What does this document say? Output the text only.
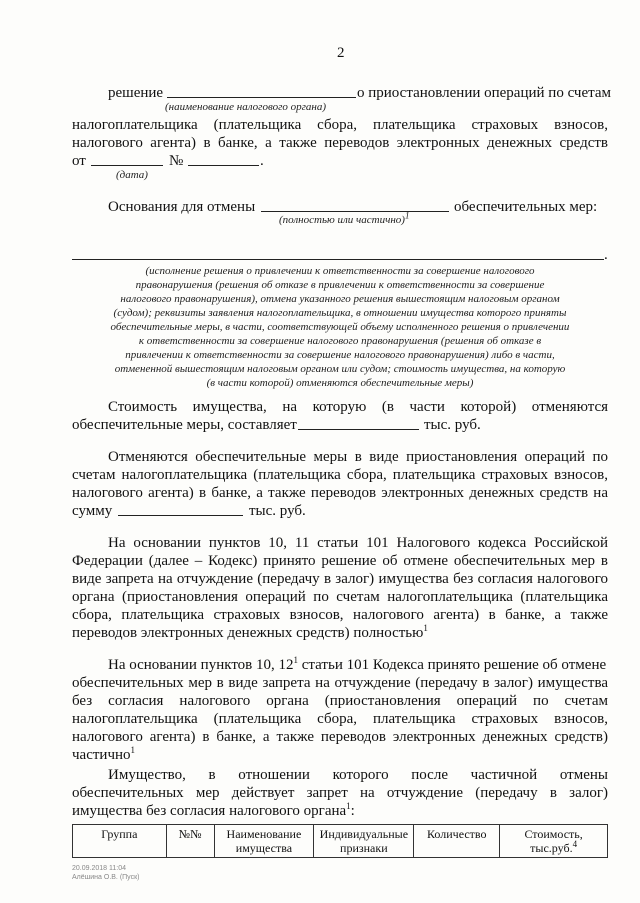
2
решение	о приостановлении операций по счетам
(наименование налогового органа)
налогоплательщика (плательщика сбора, плательщика страховых взносов,
налогового агента) в банке, а также переводов электронных денежных средств
от	№	.
(дата)
Основания для отмены	обеспечительных мер:
(полностью или частично)$^1$
.
(исполнение решения о привлечении к ответственности за совершение налогового
правонарушения (решения об отказе в привлечении к ответственности за совершение
налогового правонарушения), отмена указанного решения вышестоящим налоговым органом
(судом); реквизиты заявления налогоплательщика, в отношении имущества которого приняты
обеспечительные меры, в части, соответствующей объему исполненного решения о привлечении
к ответственности за совершение налогового правонарушения (решения об отказе в
привлечении к ответственности за совершение налогового правонарушения) либо в части,
отмененной вышестоящим налоговым органом или судом; стоимость имущества, на которую
(в части которой) отменяются обеспечительные меры)
Стоимость имущества, на которую (в части которой) отменяются
обеспечительные меры, составляет	тыс. руб.
Отменяются обеспечительные меры в виде приостановления операций по
счетам налогоплательщика (плательщика сбора, плательщика страховых взносов,
налогового агента) в банке, а также переводов электронных денежных средств на
сумму	тыс. руб.
На основании пунктов 10, 11 статьи 101 Налогового кодекса Российской
Федерации (далее – Кодекс) принято решение об отмене обеспечительных мер в
виде запрета на отчуждение (передачу в залог) имущества без согласия налогового
органа (приостановления операций по счетам налогоплательщика (плательщика
сбора, плательщика страховых взносов, налогового агента) в банке, а также
переводов электронных денежных средств) полностью$^1$
На основании пунктов 10, $12^1$ статьи 101 Кодекса принято решение об отмене
обеспечительных мер в виде запрета на отчуждение (передачу в залог) имущества
без согласия налогового органа (приостановления операций по счетам
налогоплательщика (плательщика сбора, плательщика страховых взносов,
налогового агента) в банке, а также переводов электронных денежных средств)
частично$^1$
Имущество, в отношении которого после частичной отмены
обеспечительных мер действует запрет на отчуждение (передачу в залог)
имущества без согласия налогового органа$^1$:
Группа	№№	Наименование имущества	Индивидуальные признаки	Количество	Стоимость, тыс.руб.$^4$
20.09.2018 11:04
Алёшина О.В. (Пуск)
